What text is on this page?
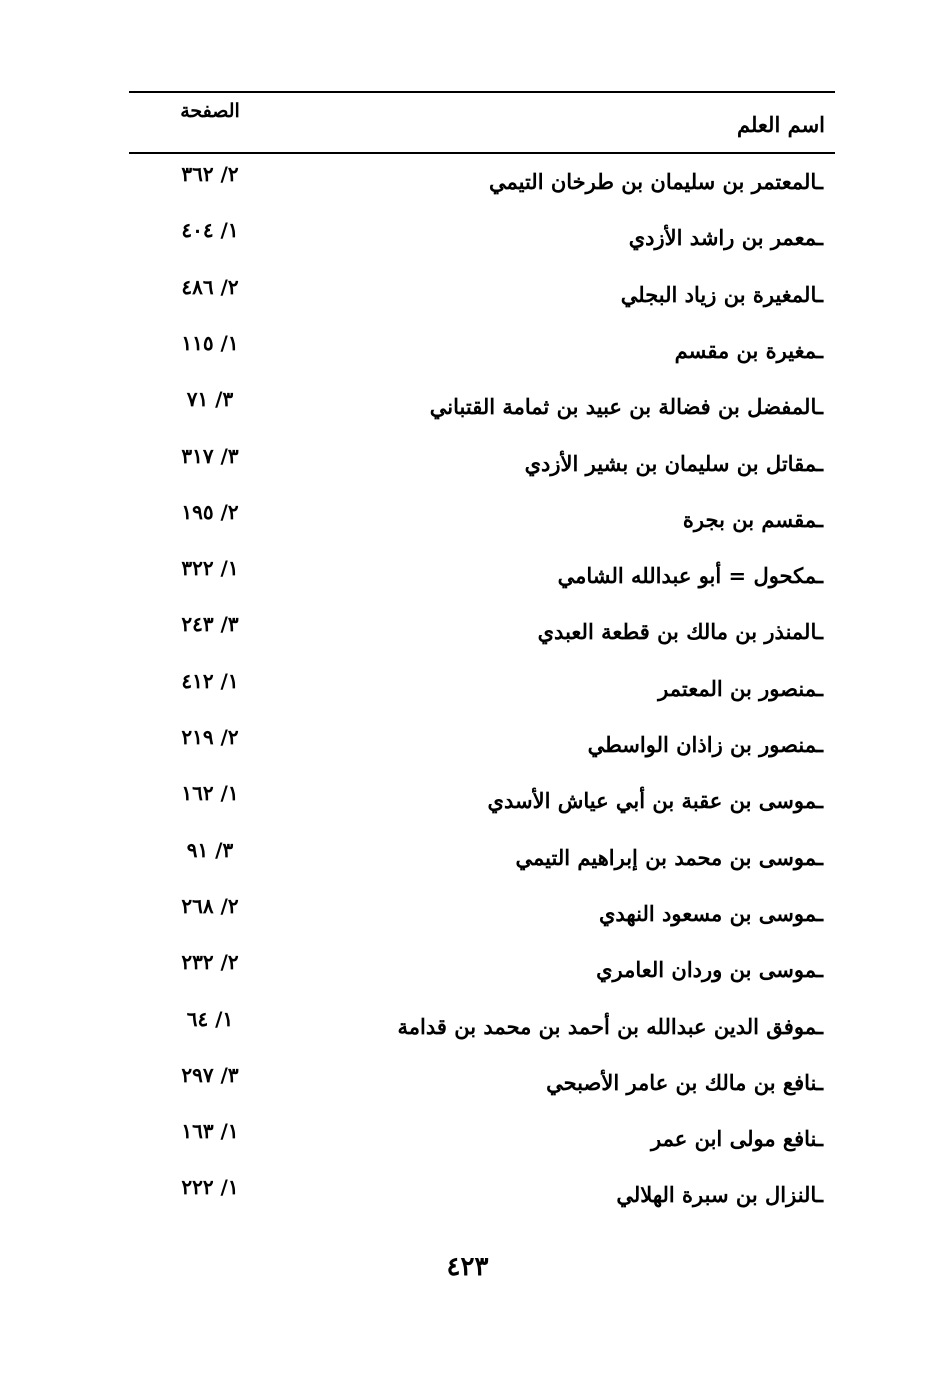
اسم العلم
الصفحة
ـالمعتمر بن سليمان بن طرخان التيمي
٢/ ٣٦٢
ـمعمر بن راشد الأزدي
١/ ٤٠٤
ـالمغيرة بن زياد البجلي
٢/ ٤٨٦
ـمغيرة بن مقسم
١/ ١١٥
ـالمفضل بن فضالة بن عبيد بن ثمامة القتباني
٣/ ٧١
ـمقاتل بن سليمان بن بشير الأزدي
٣/ ٣١٧
ـمقسم بن بجرة
٢/ ١٩٥
ـمكحول = أبو عبدالله الشامي
١/ ٣٢٢
ـالمنذر بن مالك بن قطعة العبدي
٣/ ٢٤٣
ـمنصور بن المعتمر
١/ ٤١٢
ـمنصور بن زاذان الواسطي
٢/ ٢١٩
ـموسى بن عقبة بن أبي عياش الأسدي
١/ ١٦٢
ـموسى بن محمد بن إبراهيم التيمي
٣/ ٩١
ـموسى بن مسعود النهدي
٢/ ٢٦٨
ـموسى بن وردان العامري
٢/ ٢٣٢
ـموفق الدين عبدالله بن أحمد بن محمد بن قدامة
١/ ٦٤
ـنافع بن مالك بن عامر الأصبحي
٣/ ٢٩٧
ـنافع مولى ابن عمر
١/ ١٦٣
ـالنزال بن سبرة الهلالي
١/ ٢٢٢
٤٢٣
